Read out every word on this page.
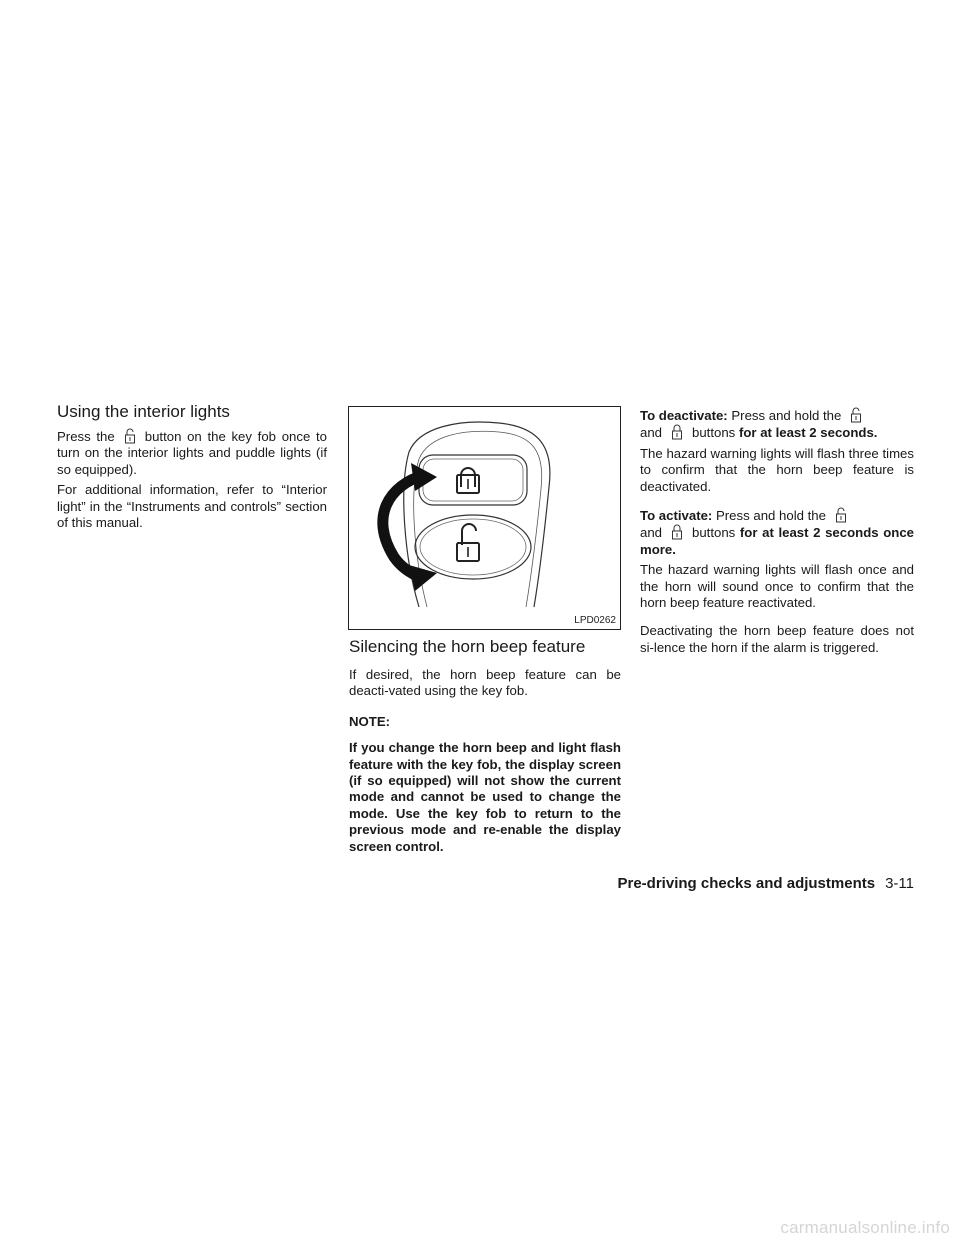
Using the interior lights

Press the button on the key fob once to turn on the interior lights and puddle lights (if so equipped).

For additional information, refer to “Interior light” in the “Instruments and controls” section of this manual.

LPD0262
Silencing the horn beep feature

If desired, the horn beep feature can be deacti-vated using the key fob.

NOTE:

If you change the horn beep and light flash feature with the key fob, the display screen (if so equipped) will not show the current mode and cannot be used to change the mode. Use the key fob to return to the previous mode and re-enable the display screen control.

To deactivate: Press and hold the
and buttons for at least 2 seconds.

The hazard warning lights will flash three times to confirm that the horn beep feature is deactivated.

To activate: Press and hold the
and buttons for at least 2 seconds once more.

The hazard warning lights will flash once and the horn will sound once to confirm that the horn beep feature reactivated.

Deactivating the horn beep feature does not si-lence the horn if the alarm is triggered.

Pre-driving checks and adjustments 3-11
carmanualsonline.info
